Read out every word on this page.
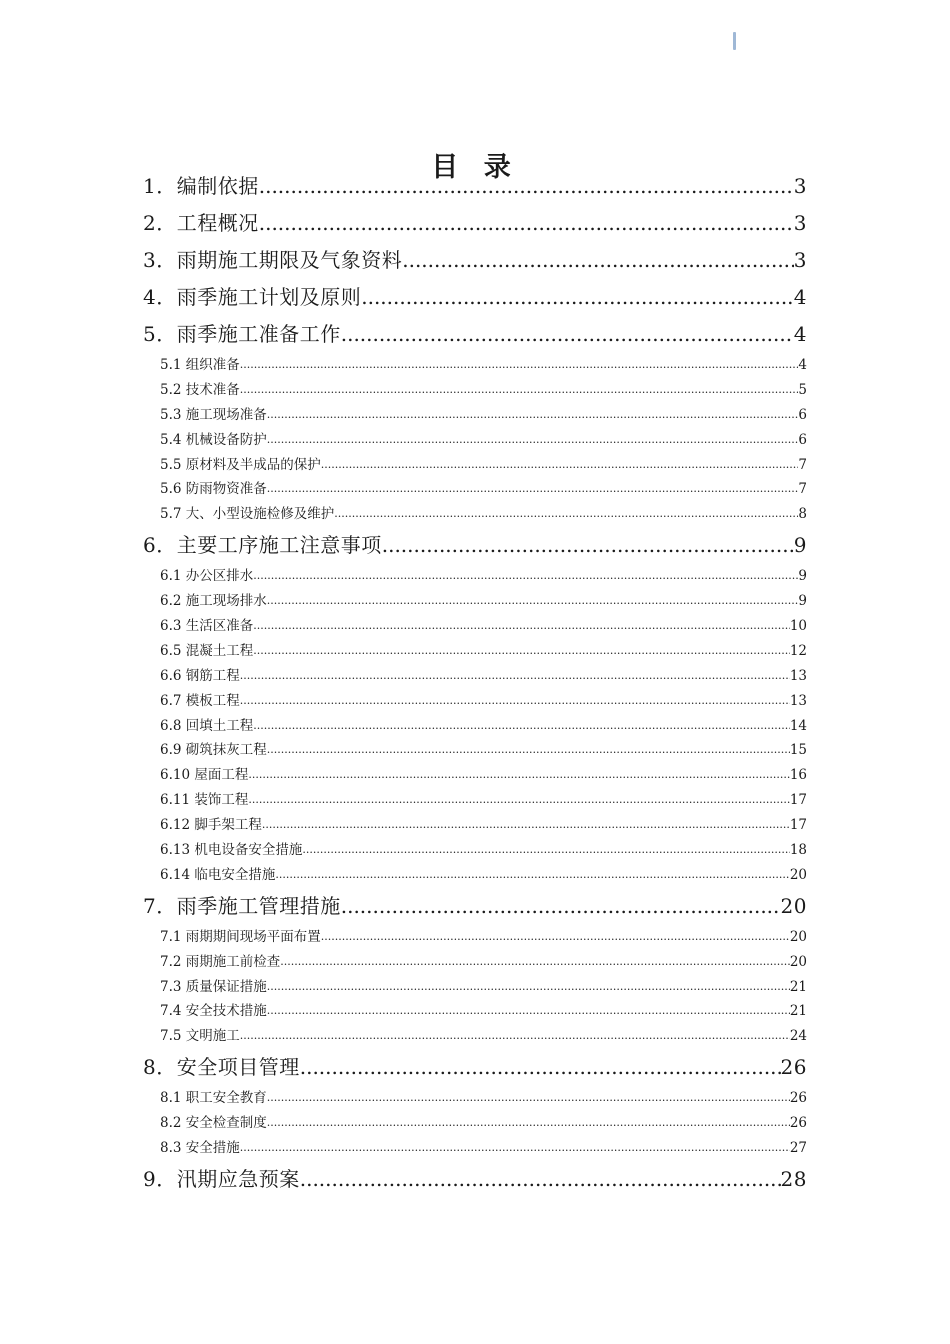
目 录
1．编制依据 .....	3
2．工程概况 .....	3
3．雨期施工期限及气象资料 .....	3
4．雨季施工计划及原则 .....	4
5．雨季施工准备工作 .....	4
5.1 组织准备 .....	4
5.2 技术准备 .....	5
5.3 施工现场准备 .....	6
5.4 机械设备防护 .....	6
5.5 原材料及半成品的保护 .....	7
5.6 防雨物资准备 .....	7
5.7 大、小型设施检修及维护 .....	8
6．主要工序施工注意事项 .....	9
6.1 办公区排水 .....	9
6.2 施工现场排水 .....	9
6.3 生活区准备 .....	10
6.5 混凝土工程 .....	12
6.6 钢筋工程 .....	13
6.7 模板工程 .....	13
6.8 回填土工程 .....	14
6.9 砌筑抹灰工程 .....	15
6.10 屋面工程 .....	16
6.11 装饰工程 .....	17
6.12 脚手架工程 .....	17
6.13 机电设备安全措施 .....	18
6.14 临电安全措施 .....	20
7．雨季施工管理措施 .....	20
7.1 雨期期间现场平面布置 .....	20
7.2 雨期施工前检查 .....	20
7.3 质量保证措施 .....	21
7.4 安全技术措施 .....	21
7.5 文明施工 .....	24
8．安全项目管理 .....	26
8.1 职工安全教育 .....	26
8.2 安全检查制度 .....	26
8.3 安全措施 .....	27
9．汛期应急预案 .....	28
